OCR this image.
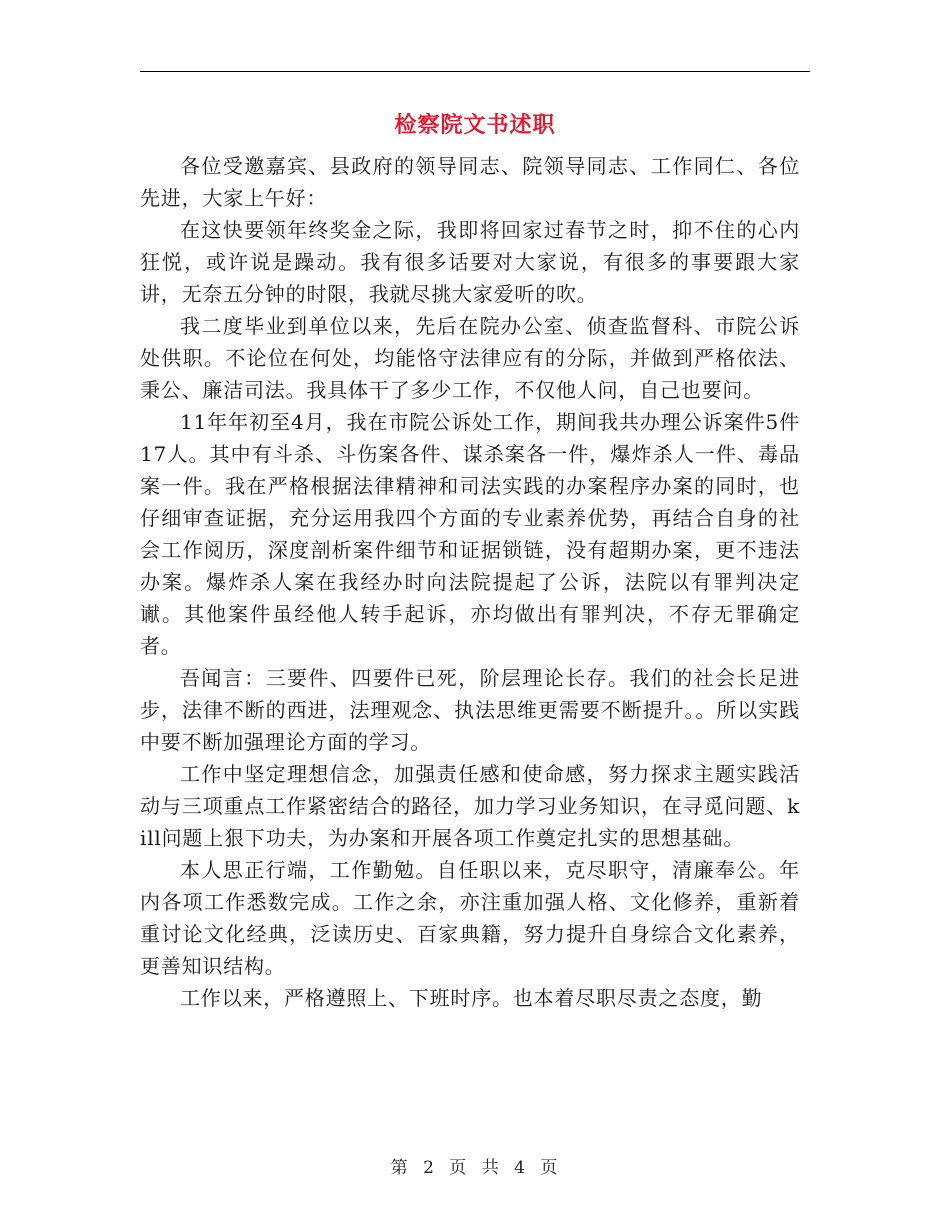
检察院文书述职

各位受邀嘉宾、县政府的领导同志、院领导同志、工作同仁、各位先进，大家上午好：

在这快要领年终奖金之际，我即将回家过春节之时，抑不住的心内狂悦，或许说是躁动。我有很多话要对大家说，有很多的事要跟大家讲，无奈五分钟的时限，我就尽挑大家爱听的吹。

我二度毕业到单位以来，先后在院办公室、侦查监督科、市院公诉处供职。不论位在何处，均能恪守法律应有的分际，并做到严格依法、秉公、廉洁司法。我具体干了多少工作，不仅他人问，自己也要问。

11年年初至4月，我在市院公诉处工作，期间我共办理公诉案件5件17人。其中有斗杀、斗伤案各件、谋杀案各一件，爆炸杀人一件、毒品案一件。我在严格根据法律精神和司法实践的办案程序办案的同时，也仔细审查证据，充分运用我四个方面的专业素养优势，再结合自身的社会工作阅历，深度剖析案件细节和证据锁链，没有超期办案，更不违法办案。爆炸杀人案在我经办时向法院提起了公诉，法院以有罪判决定谳。其他案件虽经他人转手起诉，亦均做出有罪判决，不存无罪确定者。

吾闻言：三要件、四要件已死，阶层理论长存。我们的社会长足进步，法律不断的西进，法理观念、执法思维更需要不断提升。。所以实践中要不断加强理论方面的学习。

工作中坚定理想信念，加强责任感和使命感，努力探求主题实践活动与三项重点工作紧密结合的路径，加力学习业务知识，在寻觅问题、kill问题上狠下功夫，为办案和开展各项工作奠定扎实的思想基础。

本人思正行端，工作勤勉。自任职以来，克尽职守，清廉奉公。年内各项工作悉数完成。工作之余，亦注重加强人格、文化修养，重新着重讨论文化经典，泛读历史、百家典籍，努力提升自身综合文化素养，更善知识结构。

工作以来，严格遵照上、下班时序。也本着尽职尽责之态度，勤

第 2 页 共 4 页
